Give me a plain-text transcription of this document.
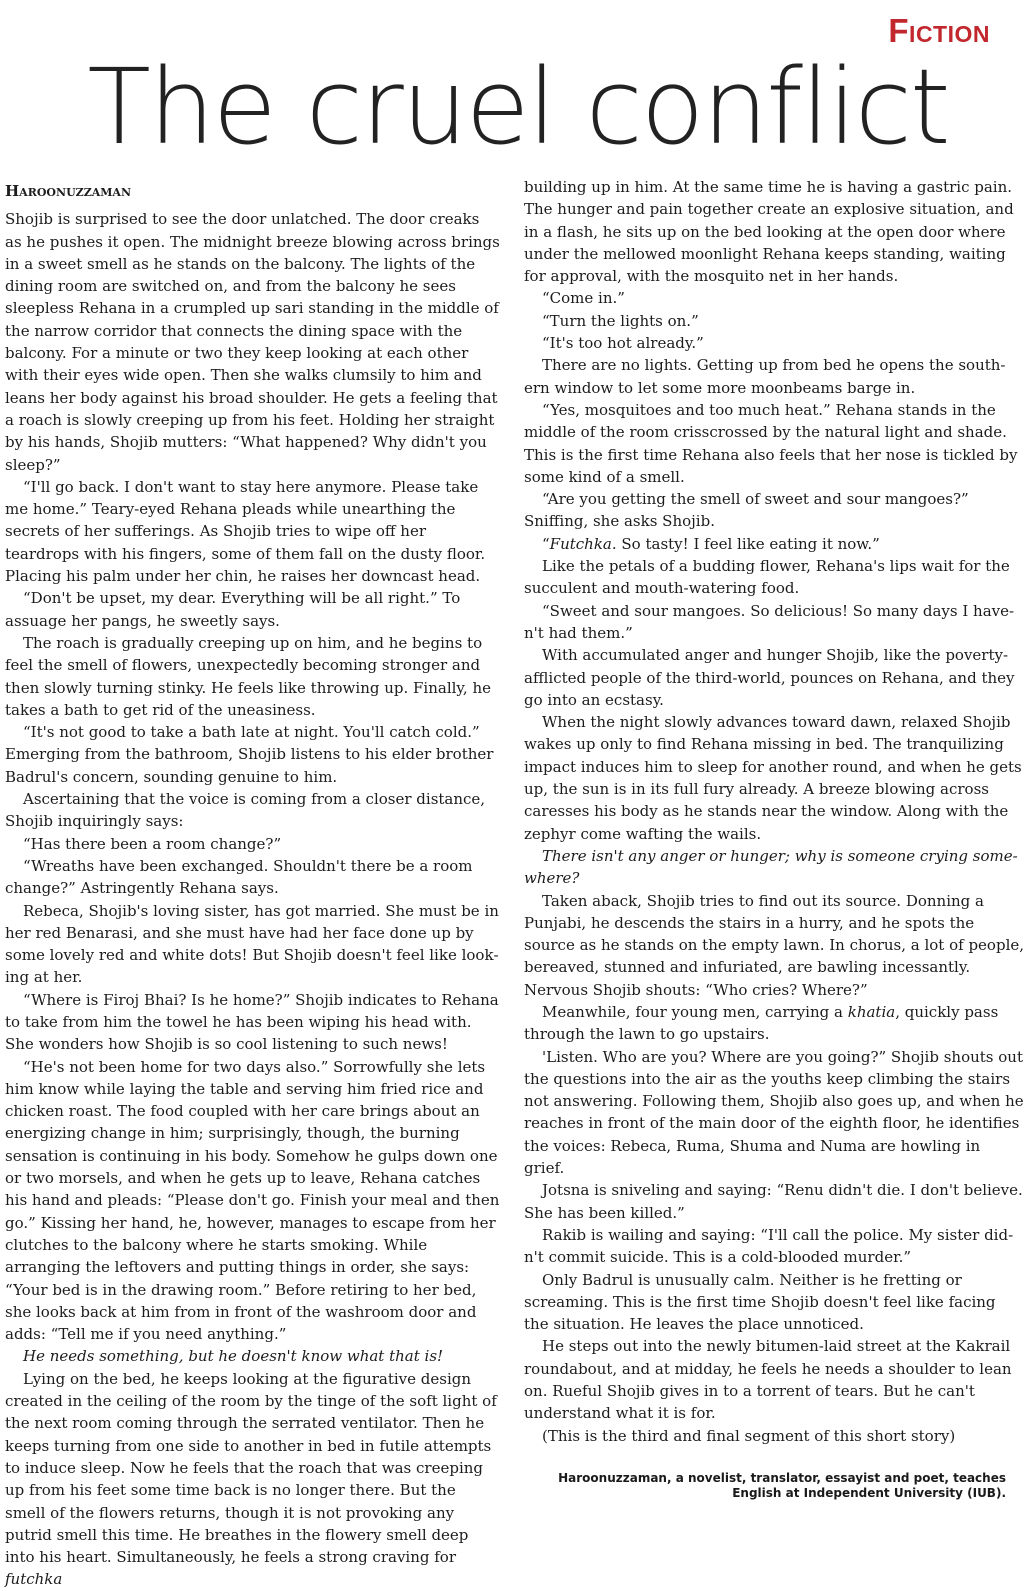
Fiction
The cruel conflict
Haroonuzzaman

Shojib is surprised to see the door unlatched. The door creaks as he pushes it open. The midnight breeze blowing across brings in a sweet smell as he stands on the balcony. The lights of the dining room are switched on, and from the balcony he sees sleepless Rehana in a crumpled up sari standing in the middle of the narrow corridor that connects the dining space with the balcony. For a minute or two they keep looking at each other with their eyes wide open. Then she walks clumsily to him and leans her body against his broad shoulder. He gets a feeling that a roach is slowly creeping up from his feet. Holding her straight by his hands, Shojib mutters: “What happened? Why didn't you sleep?”

“I'll go back. I don't want to stay here anymore. Please take me home.” Teary-eyed Rehana pleads while unearthing the secrets of her sufferings. As Shojib tries to wipe off her teardrops with his fingers, some of them fall on the dusty floor. Placing his palm under her chin, he raises her downcast head.

“Don't be upset, my dear. Everything will be all right.” To assuage her pangs, he sweetly says.

The roach is gradually creeping up on him, and he begins to feel the smell of flowers, unexpectedly becoming stronger and then slowly turning stinky. He feels like throwing up. Finally, he takes a bath to get rid of the uneasiness.

“It's not good to take a bath late at night. You'll catch cold.” Emerging from the bathroom, Shojib listens to his elder brother Badrul's concern, sounding genuine to him.

Ascertaining that the voice is coming from a closer distance, Shojib inquiringly says:

“Has there been a room change?”

“Wreaths have been exchanged. Shouldn't there be a room change?” Astringently Rehana says.

Rebeca, Shojib's loving sister, has got married. She must be in her red Benarasi, and she must have had her face done up by some lovely red and white dots! But Shojib doesn't feel like looking at her.

“Where is Firoj Bhai? Is he home?” Shojib indicates to Rehana to take from him the towel he has been wiping his head with. She wonders how Shojib is so cool listening to such news!

“He's not been home for two days also.” Sorrowfully she lets him know while laying the table and serving him fried rice and chicken roast. The food coupled with her care brings about an energizing change in him; surprisingly, though, the burning sensation is continuing in his body. Somehow he gulps down one or two morsels, and when he gets up to leave, Rehana catches his hand and pleads: “Please don't go. Finish your meal and then go.” Kissing her hand, he, however, manages to escape from her clutches to the balcony where he starts smoking. While arranging the leftovers and putting things in order, she says: “Your bed is in the drawing room.” Before retiring to her bed, she looks back at him from in front of the washroom door and adds: “Tell me if you need anything.”

He needs something, but he doesn't know what that is!

Lying on the bed, he keeps looking at the figurative design created in the ceiling of the room by the tinge of the soft light of the next room coming through the serrated ventilator. Then he keeps turning from one side to another in bed in futile attempts to induce sleep. Now he feels that the roach that was creeping up from his feet some time back is no longer there. But the smell of the flowers returns, though it is not provoking any putrid smell this time. He breathes in the flowery smell deep into his heart. Simultaneously, he feels a strong craving for futchka

building up in him. At the same time he is having a gastric pain. The hunger and pain together create an explosive situation, and in a flash, he sits up on the bed looking at the open door where under the mellowed moonlight Rehana keeps standing, waiting for approval, with the mosquito net in her hands.

“Come in.”

“Turn the lights on.”

“It's too hot already.”

There are no lights. Getting up from bed he opens the southern window to let some more moonbeams barge in.

“Yes, mosquitoes and too much heat.” Rehana stands in the middle of the room crisscrossed by the natural light and shade. This is the first time Rehana also feels that her nose is tickled by some kind of a smell.

“Are you getting the smell of sweet and sour mangoes?” Sniffing, she asks Shojib.

“Futchka. So tasty! I feel like eating it now.”

Like the petals of a budding flower, Rehana's lips wait for the succulent and mouth-watering food.

“Sweet and sour mangoes. So delicious! So many days I haven't had them.”

With accumulated anger and hunger Shojib, like the poverty-afflicted people of the third-world, pounces on Rehana, and they go into an ecstasy.

When the night slowly advances toward dawn, relaxed Shojib wakes up only to find Rehana missing in bed. The tranquilizing impact induces him to sleep for another round, and when he gets up, the sun is in its full fury already. A breeze blowing across caresses his body as he stands near the window. Along with the zephyr come wafting the wails.

There isn't any anger or hunger; why is someone crying somewhere?

Taken aback, Shojib tries to find out its source. Donning a Punjabi, he descends the stairs in a hurry, and he spots the source as he stands on the empty lawn. In chorus, a lot of people, bereaved, stunned and infuriated, are bawling incessantly. Nervous Shojib shouts: “Who cries? Where?”

Meanwhile, four young men, carrying a khatia, quickly pass through the lawn to go upstairs.

'Listen. Who are you? Where are you going?” Shojib shouts out the questions into the air as the youths keep climbing the stairs not answering. Following them, Shojib also goes up, and when he reaches in front of the main door of the eighth floor, he identifies the voices: Rebeca, Ruma, Shuma and Numa are howling in grief.

Jotsna is sniveling and saying: “Renu didn't die. I don't believe. She has been killed.”

Rakib is wailing and saying: “I'll call the police. My sister didn't commit suicide. This is a cold-blooded murder.”

Only Badrul is unusually calm. Neither is he fretting or screaming. This is the first time Shojib doesn't feel like facing the situation. He leaves the place unnoticed.

He steps out into the newly bitumen-laid street at the Kakrail roundabout, and at midday, he feels he needs a shoulder to lean on. Rueful Shojib gives in to a torrent of tears. But he can't understand what it is for.

(This is the third and final segment of this short story)

Haroonuzzaman, a novelist, translator, essayist and poet, teaches English at Independent University (IUB).
